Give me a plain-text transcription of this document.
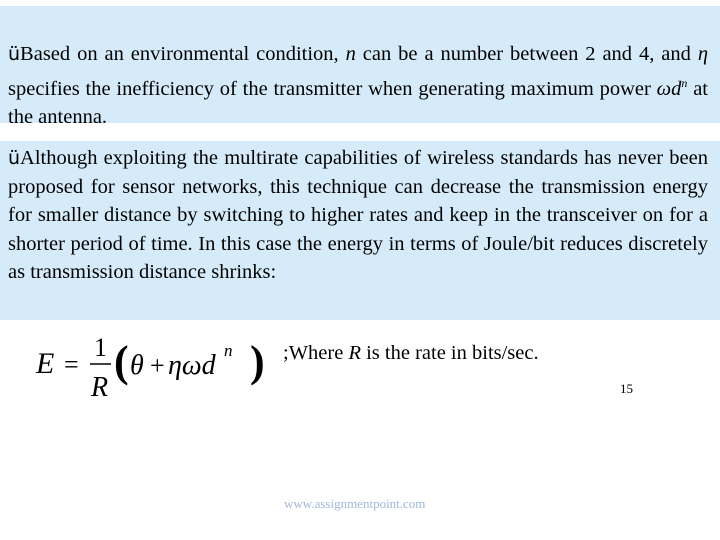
üBased on an environmental condition, n can be a number between 2 and 4, and η specifies the inefficiency of the transmitter when generating maximum power $\omega d^n$ at the antenna.
üAlthough exploiting the multirate capabilities of wireless standards has never been proposed for sensor networks, this technique can decrease the transmission energy for smaller distance by switching to higher rates and keep in the transceiver on for a shorter period of time. In this case the energy in terms of Joule/bit reduces discretely as transmission distance shrinks:
E =
1
R
( θ + ηωd n ) ;Where R is the rate in bits/sec.
15
www.assignmentpoint.com
